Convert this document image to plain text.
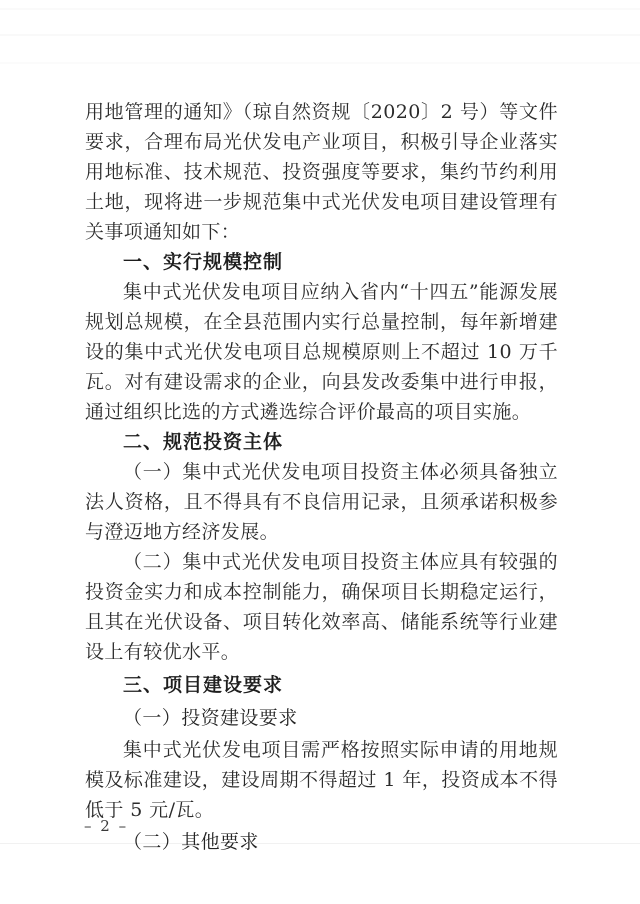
用地管理的通知》（琼自然资规〔2020〕2 号）等文件要求，合理布局光伏发电产业项目，积极引导企业落实用地标准、技术规范、投资强度等要求，集约节约利用土地，现将进一步规范集中式光伏发电项目建设管理有关事项通知如下：

一、实行规模控制

集中式光伏发电项目应纳入省内“十四五”能源发展规划总规模，在全县范围内实行总量控制，每年新增建设的集中式光伏发电项目总规模原则上不超过 10 万千瓦。对有建设需求的企业，向县发改委集中进行申报，通过组织比选的方式遴选综合评价最高的项目实施。

二、规范投资主体

（一）集中式光伏发电项目投资主体必须具备独立法人资格，且不得具有不良信用记录，且须承诺积极参与澄迈地方经济发展。

（二）集中式光伏发电项目投资主体应具有较强的投资金实力和成本控制能力，确保项目长期稳定运行，且其在光伏设备、项目转化效率高、储能系统等行业建设上有较优水平。

三、项目建设要求

（一）投资建设要求

集中式光伏发电项目需严格按照实际申请的用地规模及标准建设，建设周期不得超过 1 年，投资成本不得低于 5 元/瓦。

（二）其他要求

– 2 –
